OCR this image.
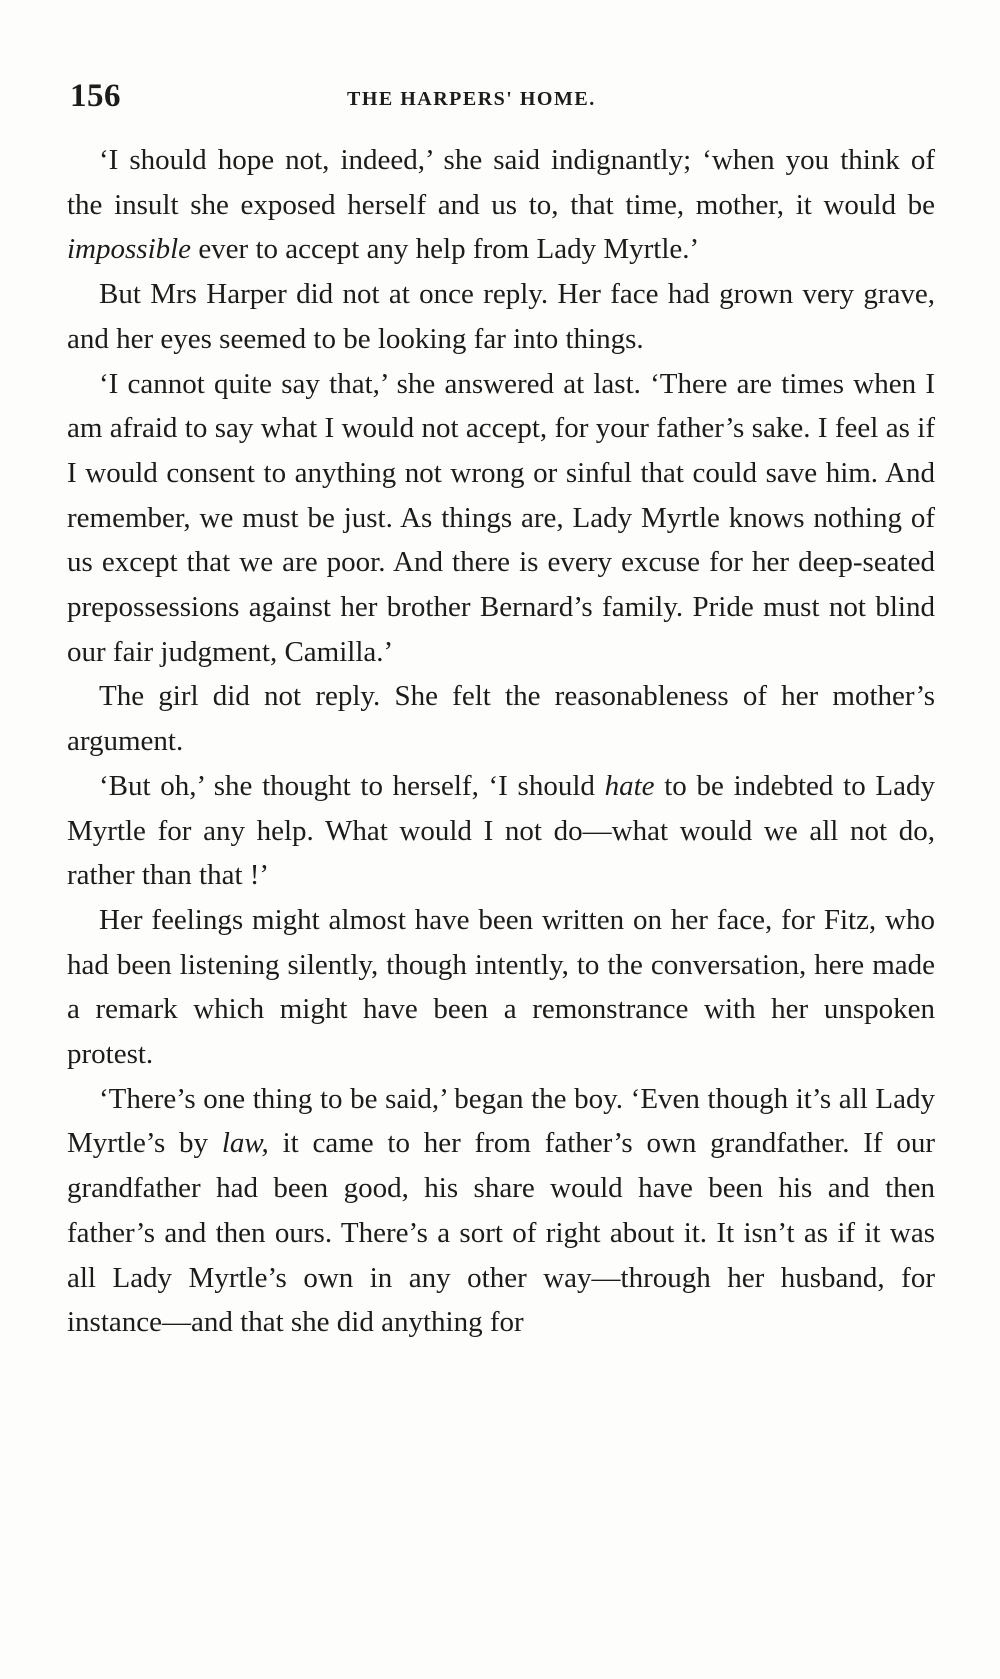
156	THE HARPERS' HOME.

‘I should hope not, indeed,’ she said indignantly; ‘when you think of the insult she exposed herself and us to, that time, mother, it would be impossible ever to accept any help from Lady Myrtle.’

But Mrs Harper did not at once reply. Her face had grown very grave, and her eyes seemed to be looking far into things.

‘I cannot quite say that,’ she answered at last. ‘There are times when I am afraid to say what I would not accept, for your father’s sake. I feel as if I would consent to anything not wrong or sinful that could save him. And remember, we must be just. As things are, Lady Myrtle knows nothing of us except that we are poor. And there is every excuse for her deep-seated prepossessions against her brother Bernard’s family. Pride must not blind our fair judgment, Camilla.’

The girl did not reply. She felt the reasonableness of her mother’s argument.

‘But oh,’ she thought to herself, ‘I should hate to be indebted to Lady Myrtle for any help. What would I not do—what would we all not do, rather than that !’

Her feelings might almost have been written on her face, for Fitz, who had been listening silently, though intently, to the conversation, here made a remark which might have been a remonstrance with her unspoken protest.

‘There’s one thing to be said,’ began the boy. ‘Even though it’s all Lady Myrtle’s by law, it came to her from father’s own grandfather. If our grandfather had been good, his share would have been his and then father’s and then ours. There’s a sort of right about it. It isn’t as if it was all Lady Myrtle’s own in any other way—through her husband, for instance—and that she did anything for
